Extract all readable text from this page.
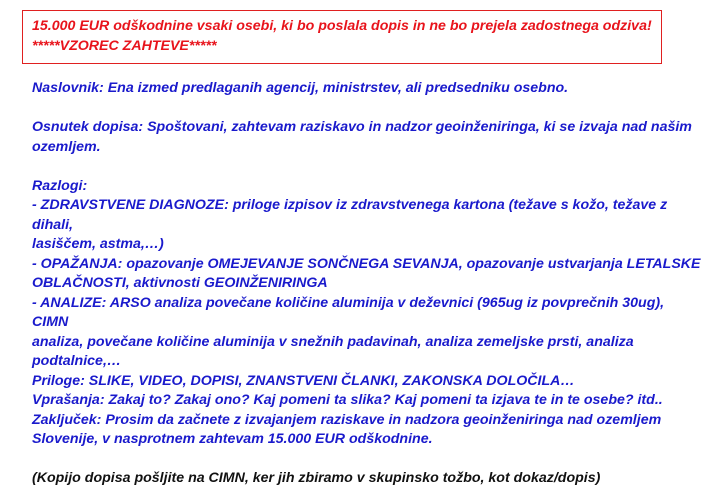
15.000 EUR odškodnine vsaki osebi, ki bo poslala dopis in ne bo prejela zadostnega odziva!
*****VZOREC ZAHTEVE*****

Naslovnik: Ena izmed predlaganih agencij, ministrstev, ali predsedniku osebno.

Osnutek dopisa: Spoštovani, zahtevam raziskavo in nadzor geoinženiringa, ki se izvaja nad našim

ozemljem.

Razlogi:

- ZDRAVSTVENE DIAGNOZE: priloge izpisov iz zdravstvenega kartona (težave s kožo, težave z dihali,

lasiščem, astma,…)

- OPAŽANJA: opazovanje OMEJEVANJE SONČNEGA SEVANJA, opazovanje ustvarjanja LETALSKE

OBLAČNOSTI, aktivnosti GEOINŽENIRINGA

- ANALIZE: ARSO analiza povečane količine aluminija v deževnici (965ug iz povprečnih 30ug), CIMN

analiza, povečane količine aluminija v snežnih padavinah, analiza zemeljske prsti, analiza

podtalnice,…

Priloge: SLIKE, VIDEO, DOPISI, ZNANSTVENI ČLANKI, ZAKONSKA DOLOČILA…

Vprašanja: Zakaj to? Zakaj ono? Kaj pomeni ta slika? Kaj pomeni ta izjava te in te osebe? itd..

Zaključek: Prosim da začnete z izvajanjem raziskave in nadzora geoinženiringa nad ozemljem

Slovenije, v nasprotnem zahtevam 15.000 EUR odškodnine.

(Kopijo dopisa pošljite na CIMN, ker jih zbiramo v skupinsko tožbo, kot dokaz/dopis)
